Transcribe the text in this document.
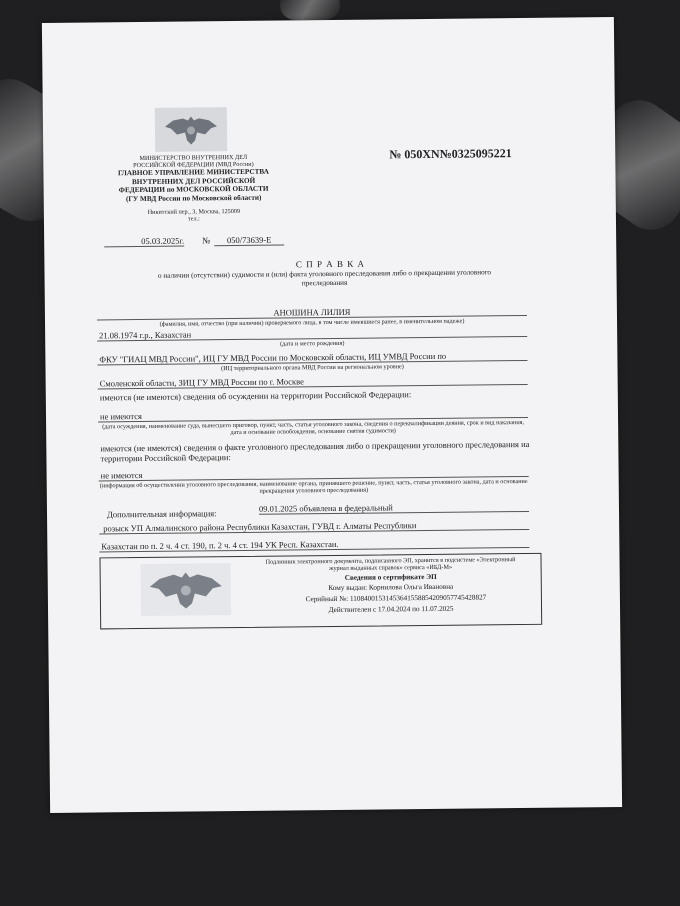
МИНИСТЕРСТВО ВНУТРЕННИХ ДЕЛ
РОССИЙСКОЙ ФЕДЕРАЦИИ (МВД России)
ГЛАВНОЕ УПРАВЛЕНИЕ МИНИСТЕРСТВА
ВНУТРЕННИХ ДЕЛ РОССИЙСКОЙ
ФЕДЕРАЦИИ по МОСКОВСКОЙ ОБЛАСТИ
(ГУ МВД России по Московской области)
Никитский пер., 3, Москва, 125009
тел.:
05.03.2025г. №	050/73639-Е
№ 050ХN№0325095221
С П Р А В К А
о наличии (отсутствии) судимости и (или) факта уголовного преследования либо о прекращении уголовного преследования
АНОШИНА ЛИЛИЯ
(фамилия, имя, отчество (при наличии) проверяемого лица, в том числе имевшиеся ранее, в именительном падеже)
21.08.1974 г.р., Казахстан
(дата и место рождения)
ФКУ "ГИАЦ МВД России", ИЦ ГУ МВД России по Московской области, ИЦ УМВД России по
(ИЦ территориального органа МВД России на региональном уровне)
Смоленской области, ЗИЦ ГУ МВД России по г. Москве
имеются (не имеются) сведения об осуждении на территории Российской Федерации:
не имеются
(дата осуждения, наименование суда, вынесшего приговор, пункт, часть, статья уголовного закона, сведения о переквалификации деяния, срок и вид наказания, дата и основание освобождения, основание снятия судимости)
имеются (не имеются) сведения о факте уголовного преследования либо о прекращении уголовного преследования на территории Российской Федерации:
не имеются
(информация об осуществлении уголовного преследования, наименование органа, принявшего решение, пункт, часть, статья уголовного закона, дата и основание прекращения уголовного преследования)
Дополнительная информация:
09.01.2025 объявлена в федеральный
розыск УП Алмалинского района Республики Казахстан, ГУВД г. Алматы Республики
Казахстан по п. 2 ч. 4 ст. 190, п. 2 ч. 4 ст. 194 УК Респ. Казахстан.
Подлинник электронного документа, подписанного ЭП, хранится в подсистеме «Электронный журнал выданных справок» сервиса «ИБД-М»
Сведения о сертификате ЭП
Кому выдан: Корнилова Ольга Ивановна
Серийный №: 1108400153145364155885420905774542882​7
Действителен с 17.04.2024 по 11.07.2025
